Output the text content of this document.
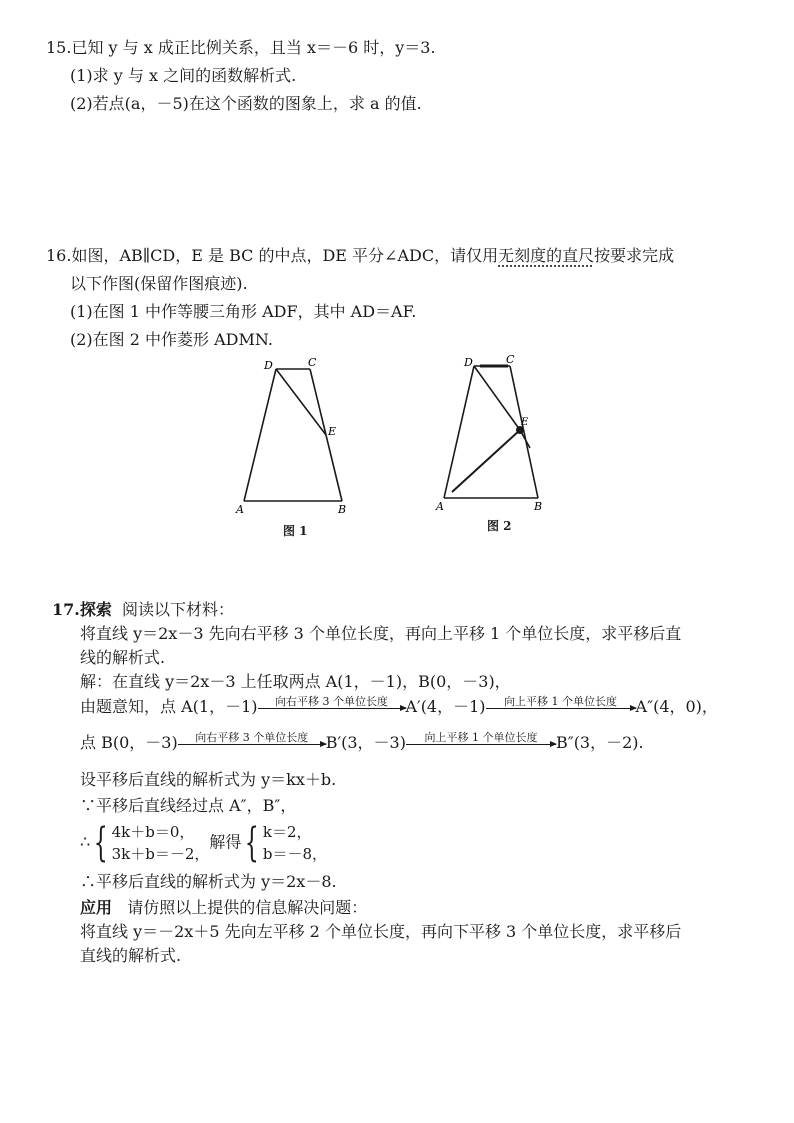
15.已知 y 与 x 成正比例关系，且当 x＝－6 时，y＝3.
(1)求 y 与 x 之间的函数解析式.
(2)若点(a，－5)在这个函数的图象上，求 a 的值.
16.如图，AB∥CD，E 是 BC 的中点，DE 平分∠ADC，请仅用无刻度的直尺按要求完成
以下作图(保留作图痕迹).
(1)在图 1 中作等腰三角形 ADF，其中 AD＝AF.
(2)在图 2 中作菱形 ADMN.
D	C
E
A	B
图 1
D	C
E
A	B
图 2
17.探索 阅读以下材料：
将直线 y＝2x－3 先向右平移 3 个单位长度，再向上平移 1 个单位长度，求平移后直
线的解析式.
解：在直线 y＝2x－3 上任取两点 A(1，－1)，B(0，－3)，
由题意知，点 A(1，－1)	向右平移 3 个单位长度	A′(4，－1)	向上平移 1 个单位长度	A″(4，0)，
点 B(0，－3)	向右平移 3 个单位长度	B′(3，－3)	向上平移 1 个单位长度	B″(3，－2).
设平移后直线的解析式为 y＝kx＋b.
∵平移后直线经过点 A″，B″，
∴{ 4k＋b＝0，
3k＋b＝－2，
解得{ k＝2，
b＝－8，
∴平移后直线的解析式为 y＝2x－8.
应用 请仿照以上提供的信息解决问题：
将直线 y＝－2x＋5 先向左平移 2 个单位长度，再向下平移 3 个单位长度，求平移后
直线的解析式.
